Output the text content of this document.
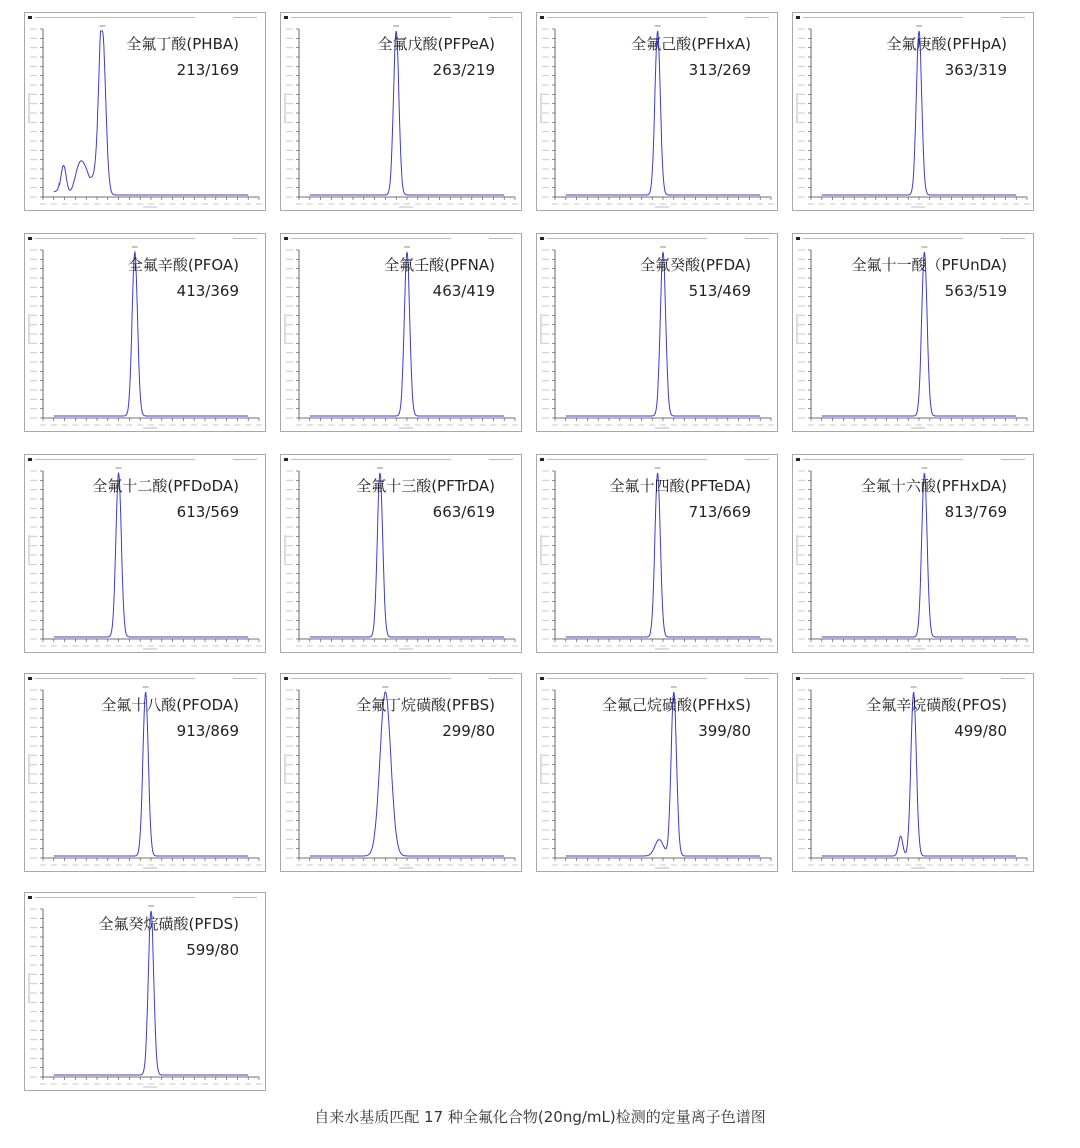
全氟丁酸(PHBA)
213/169
全氟戊酸(PFPeA)
263/219
全氟己酸(PFHxA)
313/269
全氟庚酸(PFHpA)
363/319
全氟辛酸(PFOA)
413/369
全氟壬酸(PFNA)
463/419
全氟癸酸(PFDA)
513/469
全氟十一酸（PFUnDA)
563/519
全氟十二酸(PFDoDA)
613/569
全氟十三酸(PFTrDA)
663/619
全氟十四酸(PFTeDA)
713/669
全氟十六酸(PFHxDA)
813/769
全氟十八酸(PFODA)
913/869
全氟丁烷磺酸(PFBS)
299/80
全氟己烷磺酸(PFHxS)
399/80
全氟辛烷磺酸(PFOS)
499/80
全氟癸烷磺酸(PFDS)
599/80
自来水基质匹配 17 种全氟化合物(20ng/mL)检测的定量离子色谱图
